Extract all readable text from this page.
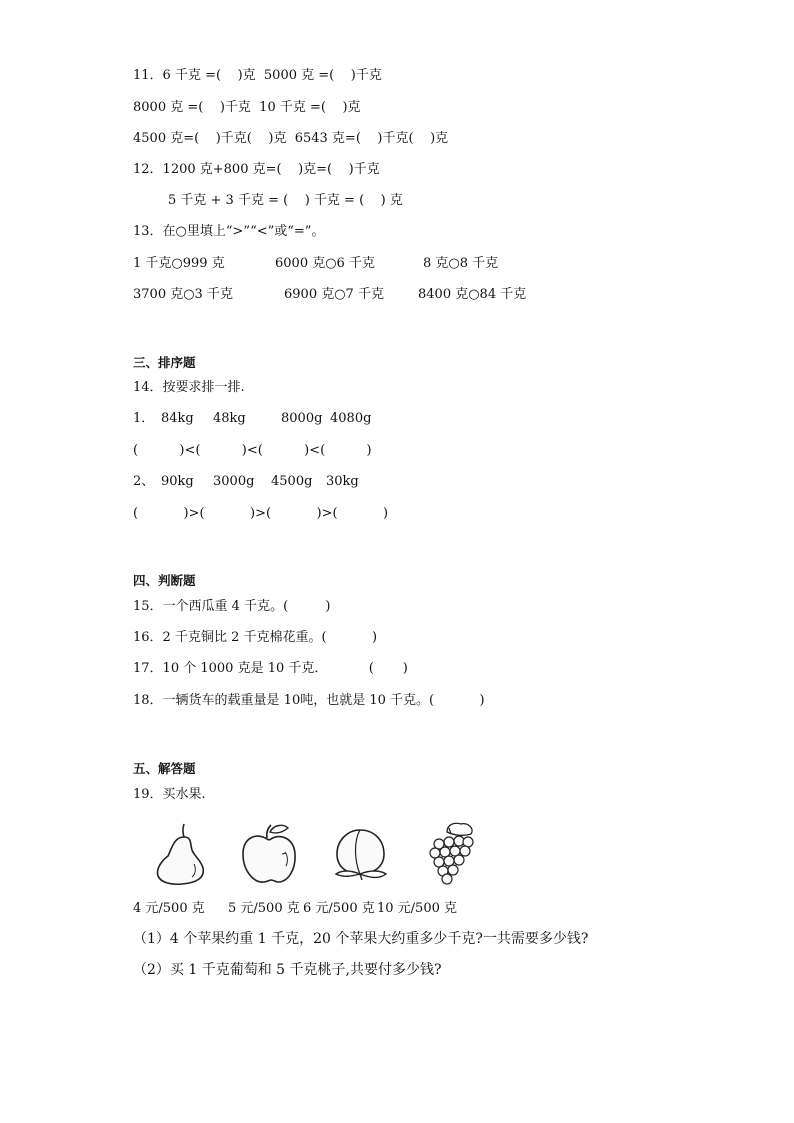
11．6 千克 =(    )克  5000 克 =(    )千克
8000 克 =(    )千克  10 千克 =(    )克
4500 克=(    )千克(    )克  6543 克=(    )千克(    )克
12．1200 克+800 克=(    )克=(    )千克
5 千克 + 3 千克 = (    ) 千克 = (    ) 克
13．在○里填上“>”“<”或“=”。
1 千克○999 克	6000 克○6 千克	8 克○8 千克
3700 克○3 千克	6900 克○7 千克	8400 克○84 千克
三、排序题
14．按要求排一排.
1． 84kg 48kg	8000g 4080g
(          )<(          )<(          )<(          )
2、 90kg 3000g 4500g 30kg
(           )>(           )>(           )>(           )
四、判断题
15．一个西瓜重 4 千克。(         )
16．2 千克铜比 2 千克棉花重。(           )
17．10 个 1000 克是 10 千克．          (       )
18．一辆货车的载重量是 10吨，也就是 10 千克。(           )
五、解答题
19．买水果.
4 元/500 克 5 元/500 克 6 元/500 克 10 元/500 克
（1）4 个苹果约重 1 千克，20 个苹果大约重多少千克?一共需要多少钱?
（2）买 1 千克葡萄和 5 千克桃子,共要付多少钱?
